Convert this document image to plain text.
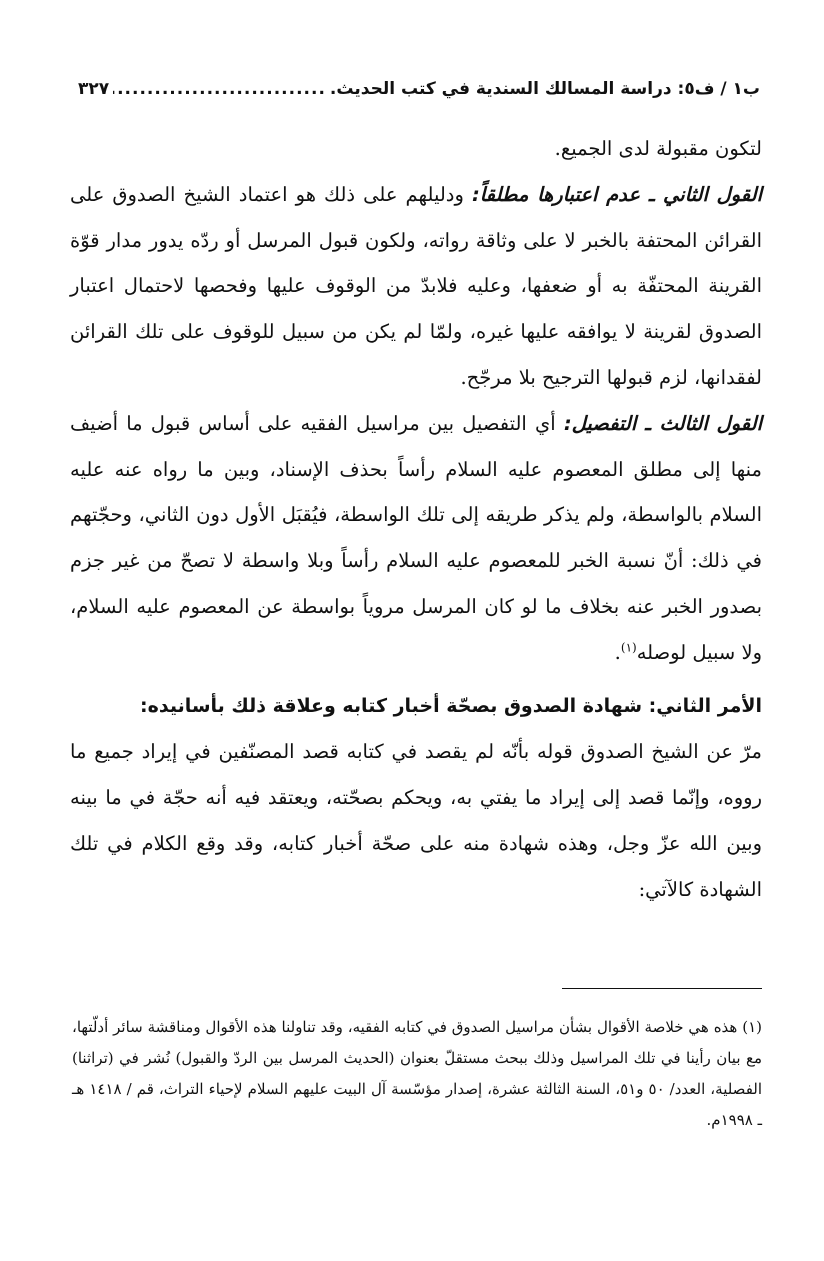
ب١ / ف٥: دراسة المسالك السندية في كتب الحديث.
.....
٣٢٧

لتكون مقبولة لدى الجميع.

القول الثاني ـ عدم اعتبارها مطلقاً: ودليلهم على ذلك هو اعتماد الشيخ الصدوق على القرائن المحتفة بالخبر لا على وثاقة رواته، ولكون قبول المرسل أو ردّه يدور مدار قوّة القرينة المحتفّة به أو ضعفها، وعليه فلابدّ من الوقوف عليها وفحصها لاحتمال اعتبار الصدوق لقرينة لا يوافقه عليها غيره، ولمّا لم يكن من سبيل للوقوف على تلك القرائن لفقدانها، لزم قبولها الترجيح بلا مرجّح.

القول الثالث ـ التفصيل: أي التفصيل بين مراسيل الفقيه على أساس قبول ما أضيف منها إلى مطلق المعصوم عليه السلام رأساً بحذف الإسناد، وبين ما رواه عنه عليه السلام بالواسطة، ولم يذكر طريقه إلى تلك الواسطة، فيُقبَل الأول دون الثاني، وحجّتهم في ذلك: أنّ نسبة الخبر للمعصوم عليه السلام رأساً وبلا واسطة لا تصحّ من غير جزم بصدور الخبر عنه بخلاف ما لو كان المرسل مروياً بواسطة عن المعصوم عليه السلام، ولا سبيل لوصله$^{(١)}$.

الأمر الثاني: شهادة الصدوق بصحّة أخبار كتابه وعلاقة ذلك بأسانيده:

مرّ عن الشيخ الصدوق قوله بأنّه لم يقصد في كتابه قصد المصنّفين في إيراد جميع ما رووه، وإنّما قصد إلى إيراد ما يفتي به، ويحكم بصحّته، ويعتقد فيه أنه حجّة في ما بينه وبين الله عزّ وجل، وهذه شهادة منه على صحّة أخبار كتابه، وقد وقع الكلام في تلك الشهادة كالآتي:

(١) هذه هي خلاصة الأقوال بشأن مراسيل الصدوق في كتابه الفقيه، وقد تناولنا هذه الأقوال ومناقشة سائر أدلّتها، مع بيان رأينا في تلك المراسيل وذلك ببحث مستقلّ بعنوان (الحديث المرسل بين الردّ والقبول) نُشر في (تراثنا) الفصلية، العدد/ ٥٠ و٥١، السنة الثالثة عشرة، إصدار مؤسّسة آل البيت عليهم السلام لإحياء التراث، قم / ١٤١٨ هـ ـ ١٩٩٨م.
